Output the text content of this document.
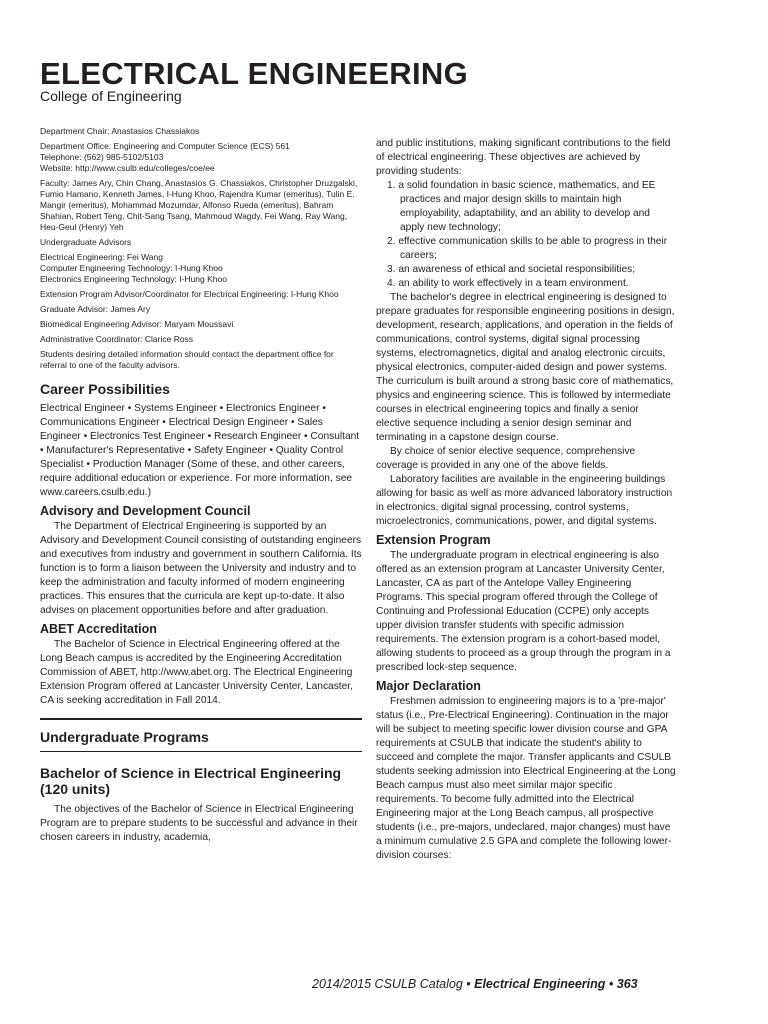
ELECTRICAL ENGINEERING
College of Engineering

Department Chair: Anastasios Chassiakos

Department Office: Engineering and Computer Science (ECS) 561

Telephone: (562) 985-5102/5103

Website: http://www.csulb.edu/colleges/coe/ee

Faculty: James Ary, Chin Chang, Anastasios G. Chassiakos, Christopher Druzgalski, Fumio Hamano, Kenneth James, I-Hung Khoo, Rajendra Kumar (emeritus), Tulin E. Mangir (emeritus), Mohammad Mozumdar, Alfonso Rueda (emeritus), Bahram Shahian, Robert Teng, Chit-Sang Tsang, Mahmoud Wagdy, Fei Wang, Ray Wang, Heu-Geul (Henry) Yeh

Undergraduate Advisors

Electrical Engineering: Fei Wang

Computer Engineering Technology: I-Hung Khoo

Electronics Engineering Technology: I-Hung Khoo

Extension Program Advisor/Coordinator for Electrical Engineering: I-Hung Khoo

Graduate Advisor: James Ary

Biomedical Engineering Advisor: Maryam Moussavi

Administrative Coordinator: Clarice Ross

Students desiring detailed information should contact the department office for referral to one of the faculty advisors.

Career Possibilities

Electrical Engineer • Systems Engineer • Electronics Engineer • Communications Engineer • Electrical Design Engineer • Sales Engineer • Electronics Test Engineer • Research Engineer • Consultant • Manufacturer's Representative • Safety Engineer • Quality Control Specialist • Production Manager (Some of these, and other careers, require additional education or experience. For more information, see www.careers.csulb.edu.)

Advisory and Development Council

The Department of Electrical Engineering is supported by an Advisory and Development Council consisting of outstanding engineers and executives from industry and government in southern California. Its function is to form a liaison between the University and industry and to keep the administration and faculty informed of modern engineering practices. This ensures that the curricula are kept up-to-date. It also advises on placement opportunities before and after graduation.

ABET Accreditation

The Bachelor of Science in Electrical Engineering offered at the Long Beach campus is accredited by the Engineering Accreditation Commission of ABET, http://www.abet.org. The Electrical Engineering Extension Program offered at Lancaster University Center, Lancaster, CA is seeking accreditation in Fall 2014.

Undergraduate Programs
Bachelor of Science in Electrical Engineering (120 units)

The objectives of the Bachelor of Science in Electrical Engineering Program are to prepare students to be successful and advance in their chosen careers in industry, academia,

and public institutions, making significant contributions to the field of electrical engineering. These objectives are achieved by providing students:

1. a solid foundation in basic science, mathematics, and EE practices and major design skills to maintain high employability, adaptability, and an ability to develop and apply new technology;
2. effective communication skills to be able to progress in their careers;
3. an awareness of ethical and societal responsibilities;
4. an ability to work effectively in a team environment.

The bachelor's degree in electrical engineering is designed to prepare graduates for responsible engineering positions in design, development, research, applications, and operation in the fields of communications, control systems, digital signal processing systems, electromagnetics, digital and analog electronic circuits, physical electronics, computer-aided design and power systems. The curriculum is built around a strong basic core of mathematics, physics and engineering science. This is followed by intermediate courses in electrical engineering topics and finally a senior elective sequence including a senior design seminar and terminating in a capstone design course.

By choice of senior elective sequence, comprehensive coverage is provided in any one of the above fields.

Laboratory facilities are available in the engineering buildings allowing for basic as well as more advanced laboratory instruction in electronics, digital signal processing, control systems, microelectronics, communications, power, and digital systems.

Extension Program

The undergraduate program in electrical engineering is also offered as an extension program at Lancaster University Center, Lancaster, CA as part of the Antelope Valley Engineering Programs. This special program offered through the College of Continuing and Professional Education (CCPE) only accepts upper division transfer students with specific admission requirements. The extension program is a cohort-based model, allowing students to proceed as a group through the program in a prescribed lock-step sequence.

Major Declaration

Freshmen admission to engineering majors is to a 'pre-major' status (i.e., Pre-Electrical Engineering). Continuation in the major will be subject to meeting specific lower division course and GPA requirements at CSULB that indicate the student's ability to succeed and complete the major. Transfer applicants and CSULB students seeking admission into Electrical Engineering at the Long Beach campus must also meet similar major specific requirements. To become fully admitted into the Electrical Engineering major at the Long Beach campus, all prospective students (i.e., pre-majors, undeclared, major changes) must have a minimum cumulative 2.5 GPA and complete the following lower-division courses:

2014/2015 CSULB Catalog • Electrical Engineering • 363
